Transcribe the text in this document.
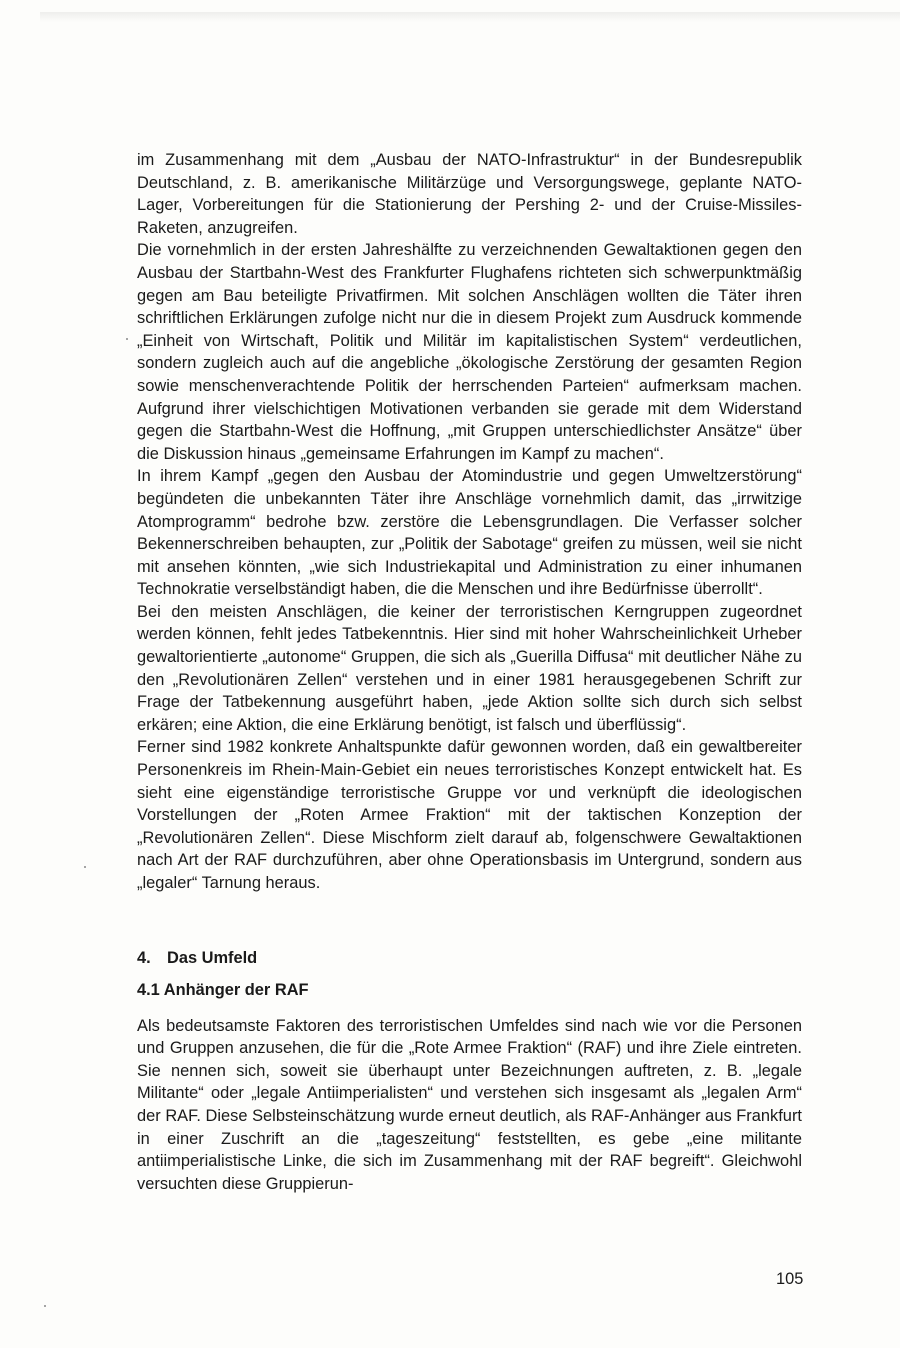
im Zusammenhang mit dem „Ausbau der NATO-Infrastruktur“ in der Bundesrepublik Deutschland, z. B. amerikanische Militärzüge und Versorgungswege, geplante NATO-Lager, Vorbereitungen für die Stationierung der Pershing 2- und der Cruise-Missiles-Raketen, anzugreifen.

Die vornehmlich in der ersten Jahreshälfte zu verzeichnenden Gewaltaktionen gegen den Ausbau der Startbahn-West des Frankfurter Flughafens richteten sich schwerpunktmäßig gegen am Bau beteiligte Privatfirmen. Mit solchen Anschlägen wollten die Täter ihren schriftlichen Erklärungen zufolge nicht nur die in diesem Projekt zum Ausdruck kommende „Einheit von Wirtschaft, Politik und Militär im kapitalistischen System“ verdeutlichen, sondern zugleich auch auf die angebliche „ökologische Zerstörung der gesamten Region sowie menschenverachtende Politik der herrschenden Parteien“ aufmerksam machen. Aufgrund ihrer vielschichtigen Motivationen verbanden sie gerade mit dem Widerstand gegen die Startbahn-West die Hoffnung, „mit Gruppen unterschiedlichster Ansätze“ über die Diskussion hinaus „gemeinsame Erfahrungen im Kampf zu machen“.

In ihrem Kampf „gegen den Ausbau der Atomindustrie und gegen Umweltzerstörung“ begündeten die unbekannten Täter ihre Anschläge vornehmlich damit, das „irrwitzige Atomprogramm“ bedrohe bzw. zerstöre die Lebensgrundlagen. Die Verfasser solcher Bekennerschreiben behaupten, zur „Politik der Sabotage“ greifen zu müssen, weil sie nicht mit ansehen könnten, „wie sich Industriekapital und Administration zu einer inhumanen Technokratie verselbständigt haben, die die Menschen und ihre Bedürfnisse überrollt“.

Bei den meisten Anschlägen, die keiner der terroristischen Kerngruppen zugeordnet werden können, fehlt jedes Tatbekenntnis. Hier sind mit hoher Wahrscheinlichkeit Urheber gewaltorientierte „autonome“ Gruppen, die sich als „Guerilla Diffusa“ mit deutlicher Nähe zu den „Revolutionären Zellen“ verstehen und in einer 1981 herausgegebenen Schrift zur Frage der Tatbekennung ausgeführt haben, „jede Aktion sollte sich durch sich selbst erkären; eine Aktion, die eine Erklärung benötigt, ist falsch und überflüssig“.

Ferner sind 1982 konkrete Anhaltspunkte dafür gewonnen worden, daß ein gewaltbereiter Personenkreis im Rhein-Main-Gebiet ein neues terroristisches Konzept entwickelt hat. Es sieht eine eigenständige terroristische Gruppe vor und verknüpft die ideologischen Vorstellungen der „Roten Armee Fraktion“ mit der taktischen Konzeption der „Revolutionären Zellen“. Diese Mischform zielt darauf ab, folgenschwere Gewaltaktionen nach Art der RAF durchzuführen, aber ohne Operationsbasis im Untergrund, sondern aus „legaler“ Tarnung heraus.

4. Das Umfeld
4.1 Anhänger der RAF

Als bedeutsamste Faktoren des terroristischen Umfeldes sind nach wie vor die Personen und Gruppen anzusehen, die für die „Rote Armee Fraktion“ (RAF) und ihre Ziele eintreten. Sie nennen sich, soweit sie überhaupt unter Bezeichnungen auftreten, z. B. „legale Militante“ oder „legale Antiimperialisten“ und verstehen sich insgesamt als „legalen Arm“ der RAF. Diese Selbsteinschätzung wurde erneut deutlich, als RAF-Anhänger aus Frankfurt in einer Zuschrift an die „tageszeitung“ feststellten, es gebe „eine militante antiimperialistische Linke, die sich im Zusammenhang mit der RAF begreift“. Gleichwohl versuchten diese Gruppierun-

105
